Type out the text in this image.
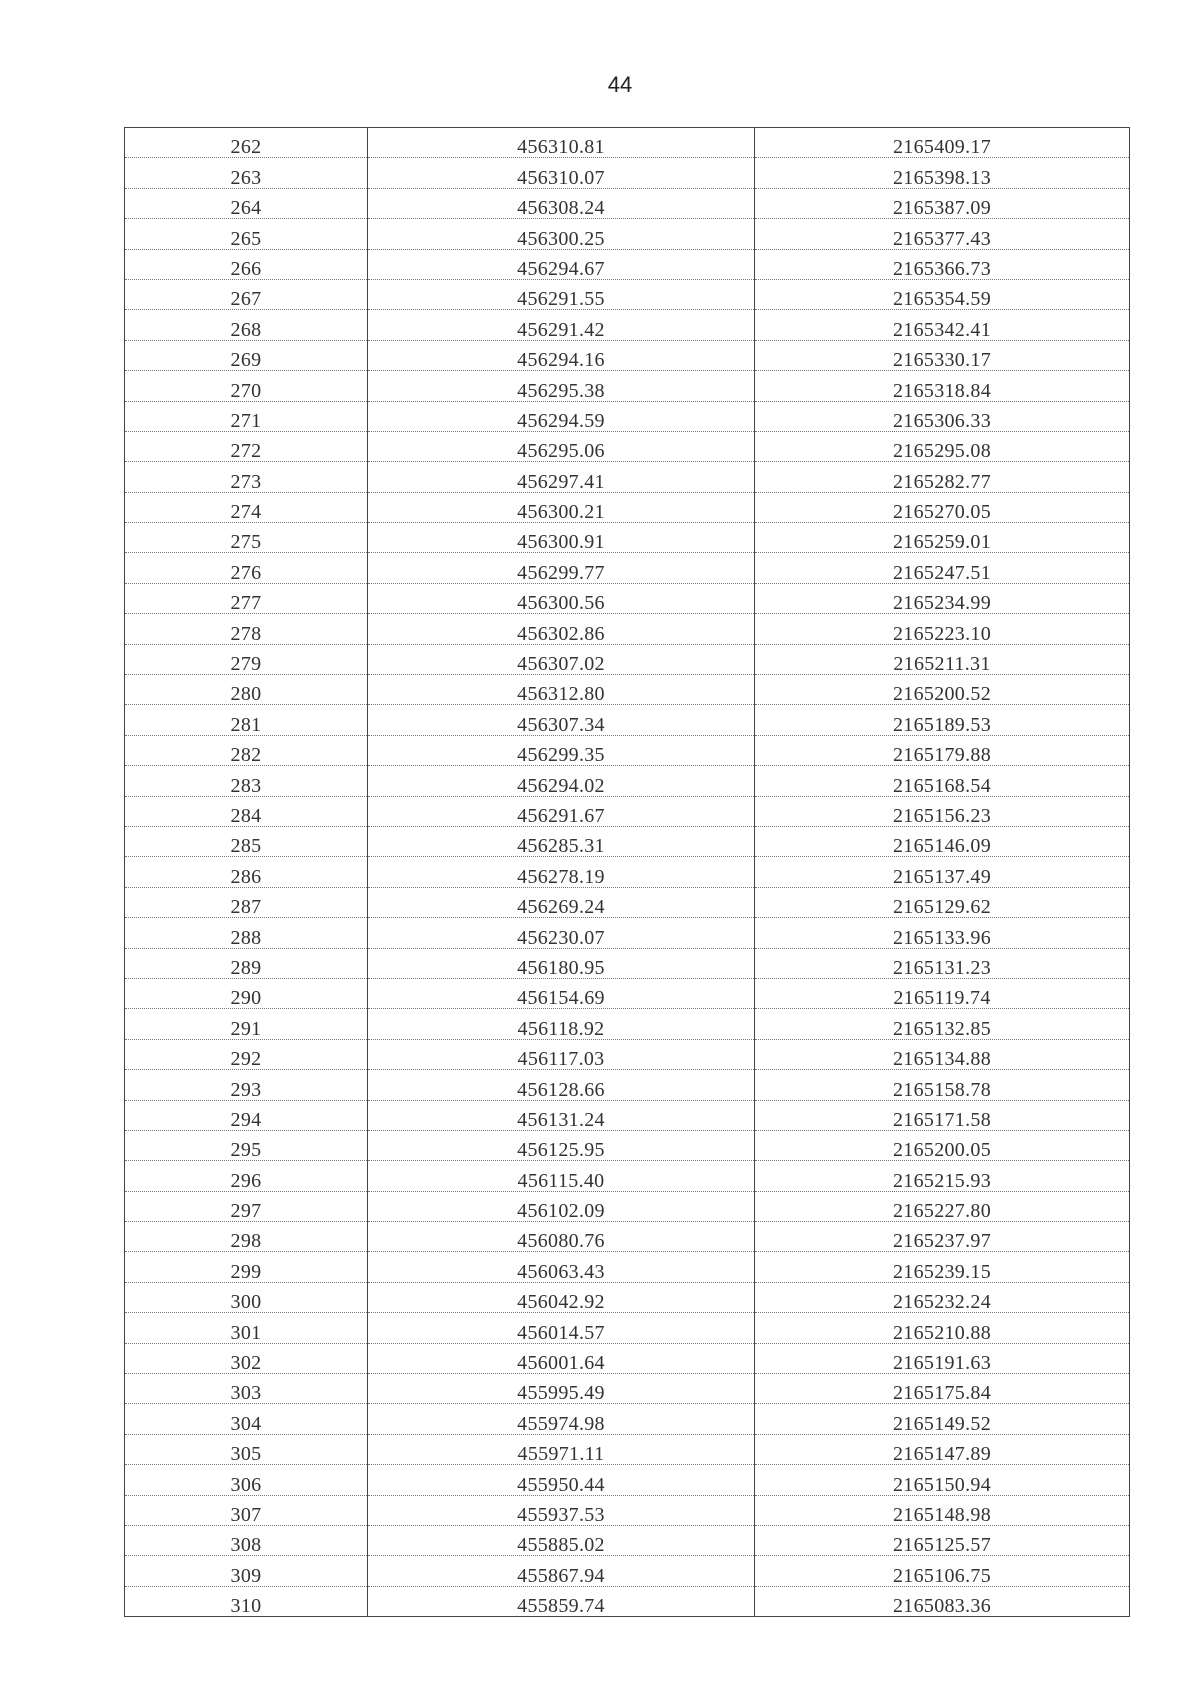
44
262	456310.81	2165409.17
263	456310.07	2165398.13
264	456308.24	2165387.09
265	456300.25	2165377.43
266	456294.67	2165366.73
267	456291.55	2165354.59
268	456291.42	2165342.41
269	456294.16	2165330.17
270	456295.38	2165318.84
271	456294.59	2165306.33
272	456295.06	2165295.08
273	456297.41	2165282.77
274	456300.21	2165270.05
275	456300.91	2165259.01
276	456299.77	2165247.51
277	456300.56	2165234.99
278	456302.86	2165223.10
279	456307.02	2165211.31
280	456312.80	2165200.52
281	456307.34	2165189.53
282	456299.35	2165179.88
283	456294.02	2165168.54
284	456291.67	2165156.23
285	456285.31	2165146.09
286	456278.19	2165137.49
287	456269.24	2165129.62
288	456230.07	2165133.96
289	456180.95	2165131.23
290	456154.69	2165119.74
291	456118.92	2165132.85
292	456117.03	2165134.88
293	456128.66	2165158.78
294	456131.24	2165171.58
295	456125.95	2165200.05
296	456115.40	2165215.93
297	456102.09	2165227.80
298	456080.76	2165237.97
299	456063.43	2165239.15
300	456042.92	2165232.24
301	456014.57	2165210.88
302	456001.64	2165191.63
303	455995.49	2165175.84
304	455974.98	2165149.52
305	455971.11	2165147.89
306	455950.44	2165150.94
307	455937.53	2165148.98
308	455885.02	2165125.57
309	455867.94	2165106.75
310	455859.74	2165083.36
